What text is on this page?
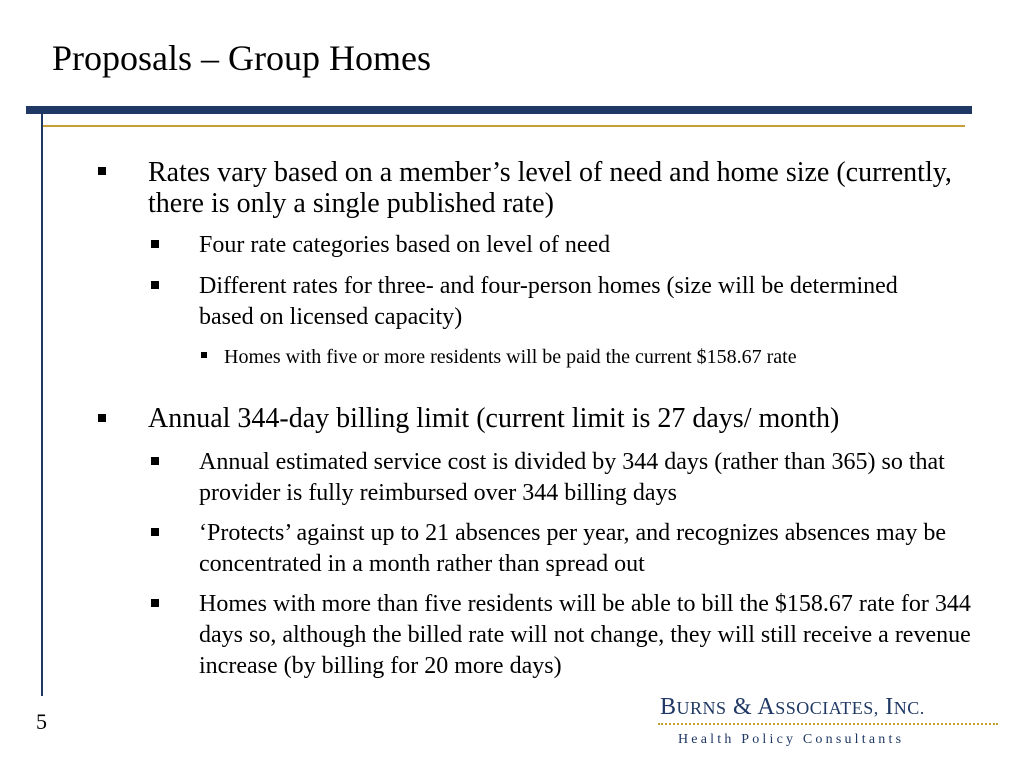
Proposals – Group Homes
Rates vary based on a member’s level of need and home size (currently, there is only a single published rate)
Four rate categories based on level of need
Different rates for three- and four-person homes (size will be determined based on licensed capacity)
Homes with five or more residents will be paid the current $158.67 rate
Annual 344-day billing limit (current limit is 27 days/ month)
Annual estimated service cost is divided by 344 days (rather than 365) so that provider is fully reimbursed over 344 billing days
‘Protects’ against up to 21 absences per year, and recognizes absences may be concentrated in a month rather than spread out
Homes with more than five residents will be able to bill the $158.67 rate for 344 days so, although the billed rate will not change, they will still receive a revenue increase (by billing for 20 more days)
5
BURNS & ASSOCIATES, INC.
Health Policy Consultants
